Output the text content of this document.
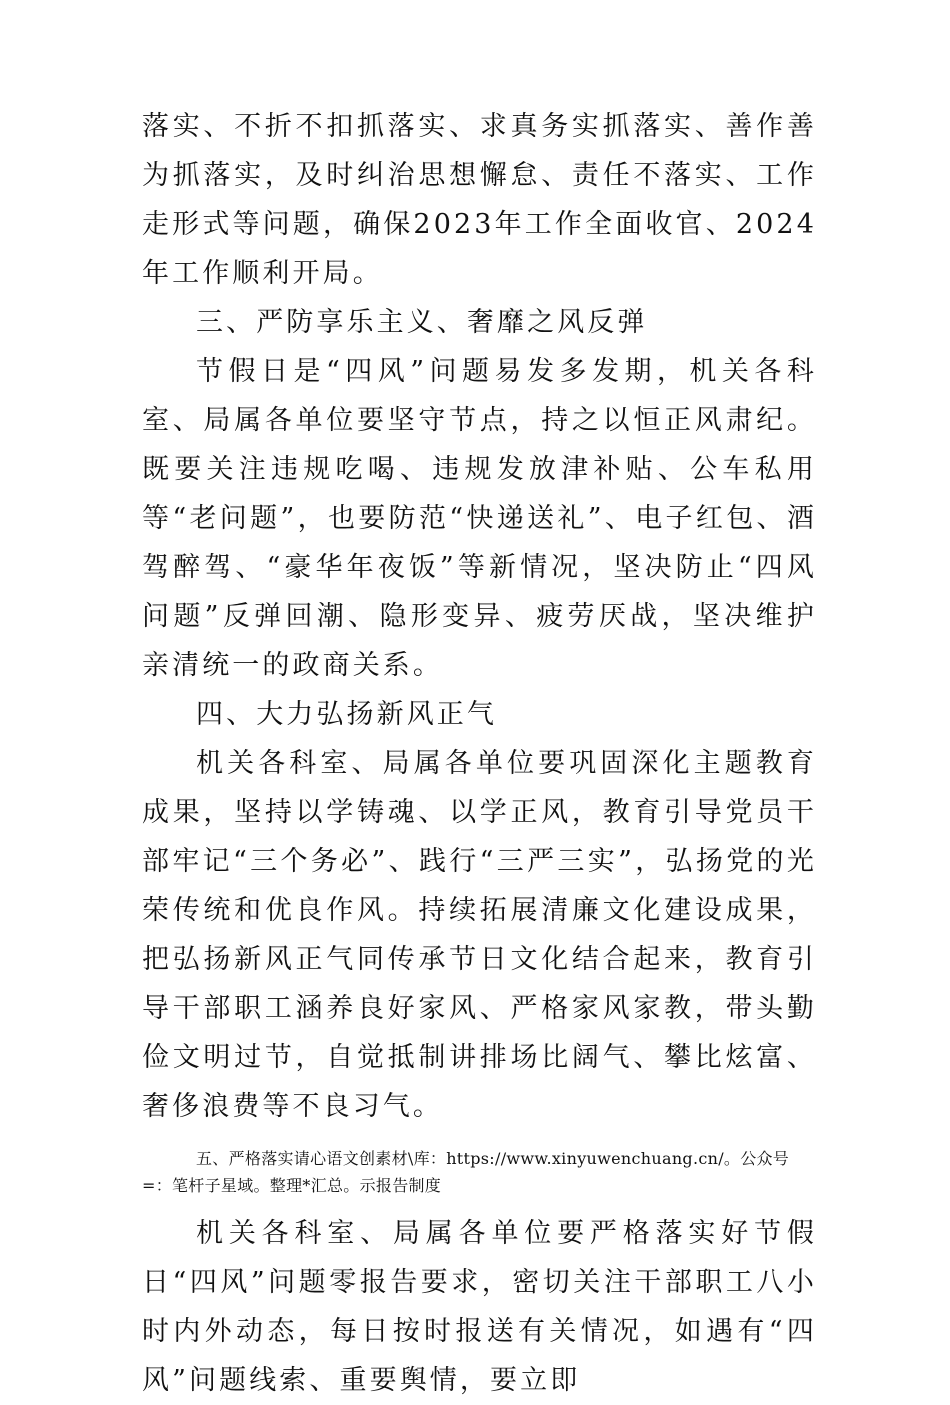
落实、不折不扣抓落实、求真务实抓落实、善作善为抓落实，及时纠治思想懈怠、责任不落实、工作走形式等问题，确保2023年工作全面收官、2024年工作顺利开局。

三、严防享乐主义、奢靡之风反弹

节假日是“四风”问题易发多发期，机关各科室、局属各单位要坚守节点，持之以恒正风肃纪。既要关注违规吃喝、违规发放津补贴、公车私用等“老问题”，也要防范“快递送礼”、电子红包、酒驾醉驾、“豪华年夜饭”等新情况，坚决防止“四风问题”反弹回潮、隐形变异、疲劳厌战，坚决维护亲清统一的政商关系。

四、大力弘扬新风正气

机关各科室、局属各单位要巩固深化主题教育成果，坚持以学铸魂、以学正风，教育引导党员干部牢记“三个务必”、践行“三严三实”，弘扬党的光荣传统和优良作风。持续拓展清廉文化建设成果，把弘扬新风正气同传承节日文化结合起来，教育引导干部职工涵养良好家风、严格家风家教，带头勤俭文明过节，自觉抵制讲排场比阔气、攀比炫富、奢侈浪费等不良习气。

五、严格落实请心语文创素材\库：https://www.xinyuwenchuang.cn/。公众号=：笔杆子星域。整理*汇总。示报告制度

机关各科室、局属各单位要严格落实好节假日“四风”问题零报告要求，密切关注干部职工八小时内外动态，每日按时报送有关情况，如遇有“四风”问题线索、重要舆情，要立即
